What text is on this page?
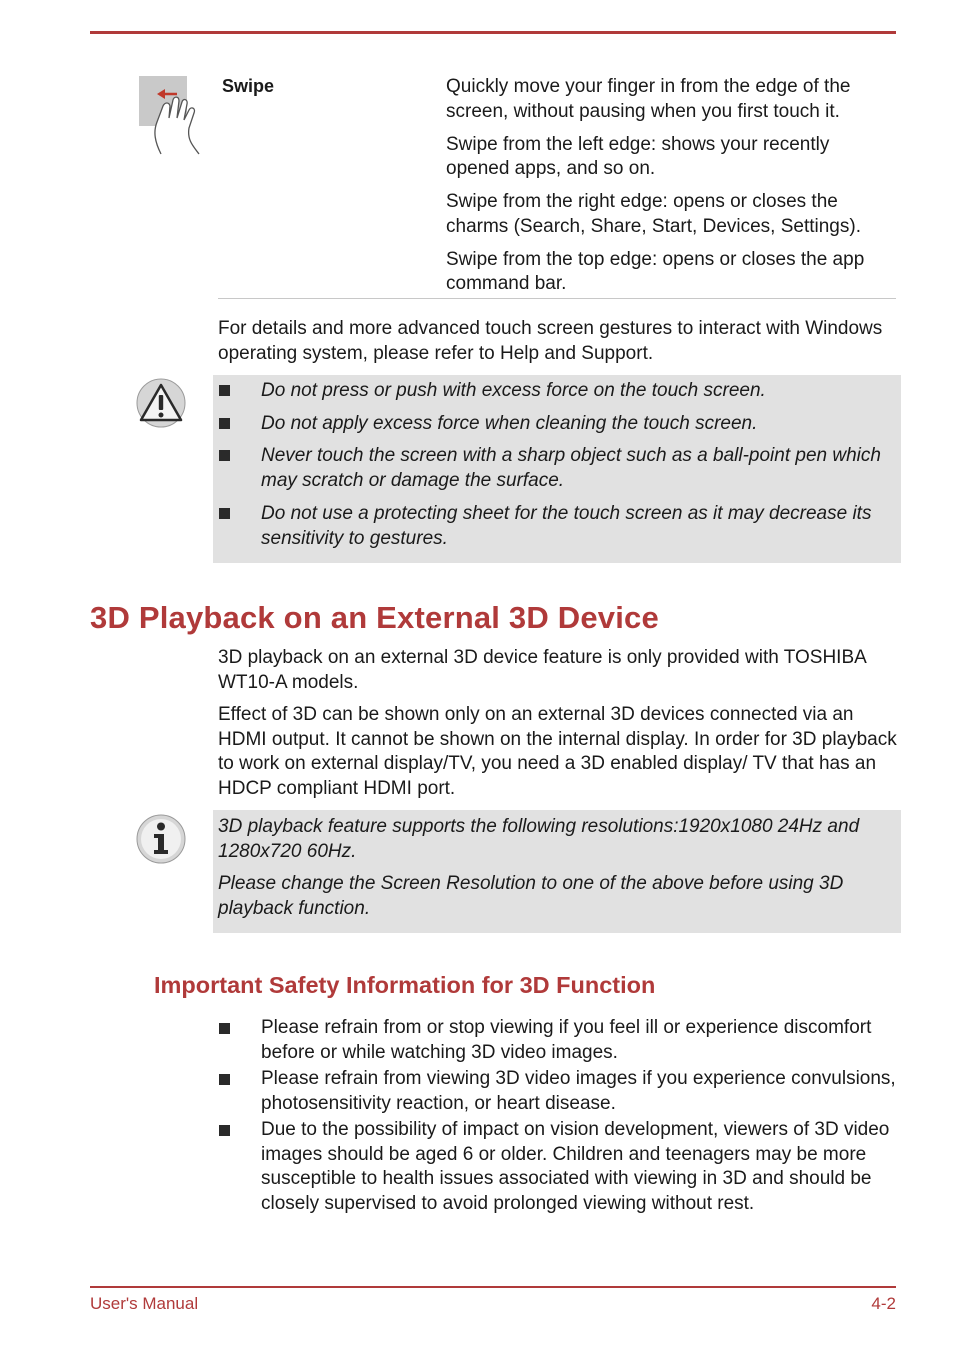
Swipe	Quickly move your finger in from the edge of the screen, without pausing when you first touch it.

Swipe from the left edge: shows your recently opened apps, and so on.

Swipe from the right edge: opens or closes the charms (Search, Share, Start, Devices, Settings).

Swipe from the top edge: opens or closes the app command bar.

For details and more advanced touch screen gestures to interact with Windows operating system, please refer to Help and Support.

Do not press or push with excess force on the touch screen.
Do not apply excess force when cleaning the touch screen.
Never touch the screen with a sharp object such as a ball-point pen which may scratch or damage the surface.
Do not use a protecting sheet for the touch screen as it may decrease its sensitivity to gestures.
3D Playback on an External 3D Device

3D playback on an external 3D device feature is only provided with TOSHIBA WT10-A models.

Effect of 3D can be shown only on an external 3D devices connected via an HDMI output. It cannot be shown on the internal display. In order for 3D playback to work on external display/TV, you need a 3D enabled display/ TV that has an HDCP compliant HDMI port.

3D playback feature supports the following resolutions:1920x1080 24Hz and 1280x720 60Hz.

Please change the Screen Resolution to one of the above before using 3D playback function.

Important Safety Information for 3D Function
Please refrain from or stop viewing if you feel ill or experience discomfort before or while watching 3D video images.
Please refrain from viewing 3D video images if you experience convulsions, photosensitivity reaction, or heart disease.
Due to the possibility of impact on vision development, viewers of 3D video images should be aged 6 or older. Children and teenagers may be more susceptible to health issues associated with viewing in 3D and should be closely supervised to avoid prolonged viewing without rest.
User's Manual	4-2
